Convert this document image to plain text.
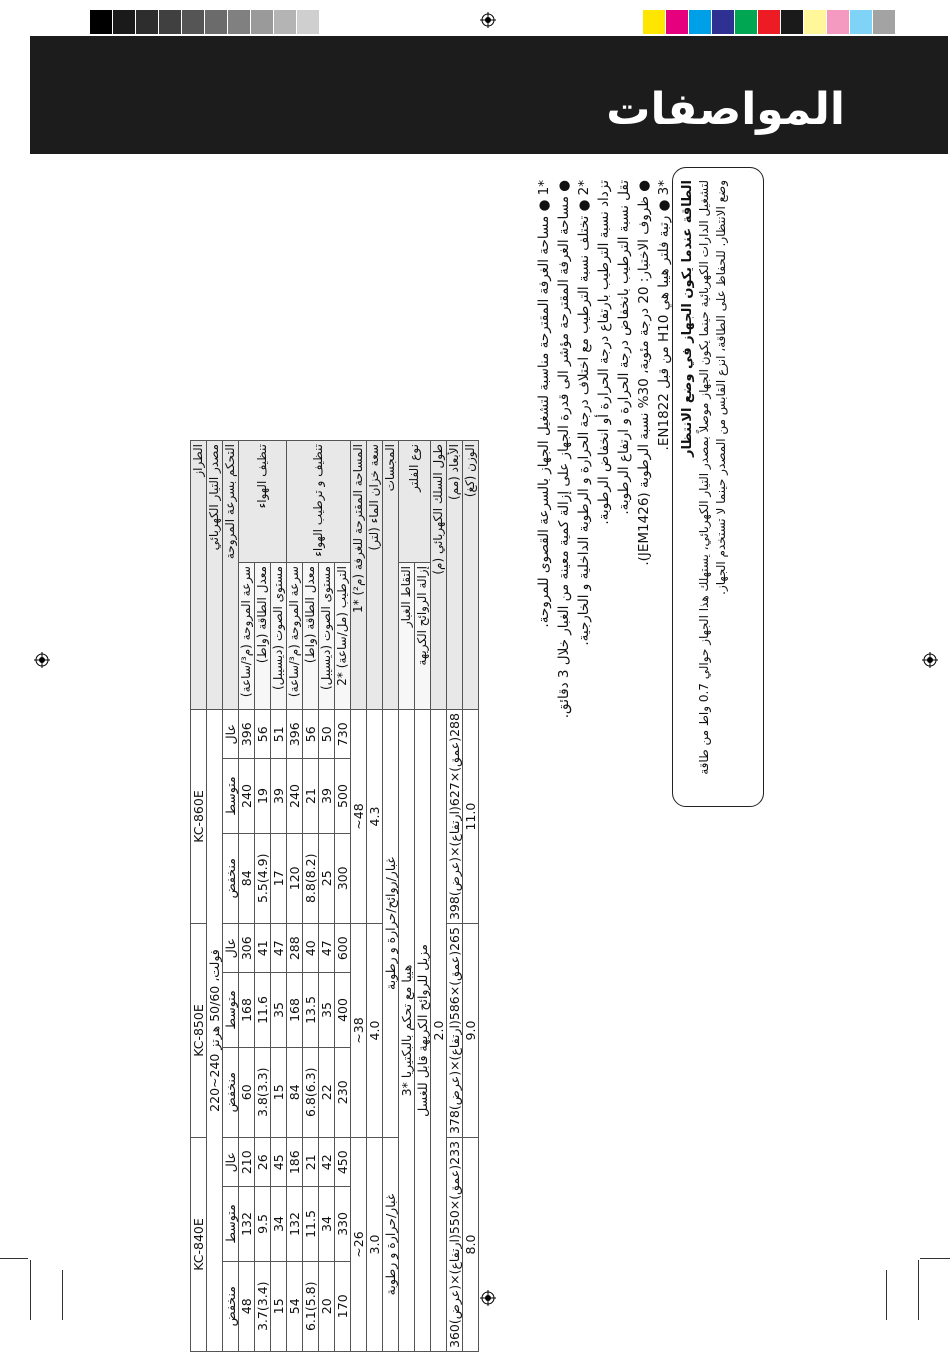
المواصفات
KC-840E			KC-850E			KC-860E			الطراز	
220~240 فولت، 50/60 هرتز									مصدر التيار الكهربائي	
منخفض	متوسط	عال	منخفض	متوسط	عال	منخفض	متوسط	عال	التحكم بسرعة المروحة	
48	132	210	60	168	306	84	240	396	سرعة المروحة (م³/ساعة)	تنظيف الهواء
3.7(3.4)	9.5	26	3.8(3.3)	11.6	41	5.5(4.9)	19	56	معدل الطاقة (واط)	
15	34	45	15	35	47	17	39	51	مستوى الصوت (ديسيبل)	
54	132	186	84	168	288	120	240	396	سرعة المروحة (م³/ساعة)	تنظيف و ترطيب الهواء
6.1(5.8)	11.5	21	6.8(6.3)	13.5	40	8.8(8.2)	21	56	معدل الطاقة (واط)	
20	34	42	22	35	47	25	39	50	مستوى الصوت (ديسيبل)	
170	330	450	230	400	600	300	500	730	الترطيب (مل/ساعة) *2	
~26			~38			~48			المساحة المقترحة للغرفة (م²) *1	
3.0			4.0			4.3			سعة خزان الماء (لتر)	
غبار/حرارة و رطوبة			غبار/روائح/حرارة و رطوبة						المجسات	
هيبا مع تحكم بالبكتيريا *3									التقاط الغبار	نوع الفلتر
مزيل للروائح الكريهة قابل للغسل									إزالة الروائح الكريهة	
2.0									طول السلك الكهربائي (م)	
360(عرض)×233(عمق)×550(ارتفاع)			378(عرض)×265(عمق)×586(ارتفاع)			398(عرض)×288(عمق)×627(ارتفاع)			الأبعاد (مم)	
8.0			9.0			11.0			الوزن (كغ)		*1 ● مساحة الغرفة المقترحة مناسبة لتشغيل الجهاز بالسرعة القصوى للمروحة.
● مساحة الغرفة المقترحة مؤشر الى قدرة الجهاز على إزالة كمية معينة من الغبار خلال 3 دقائق. *2 ● تختلف نسبة الترطيب مع اختلاف درجة الحرارة و الرطوبة الداخلية و الخارجية. تزداد نسبة الترطيب بارتفاع درجة الحرارة أو انخفاض الرطوبة. تقل نسبة الترطيب بانخفاض درجة الحرارة و ارتفاع الرطوبة.
● ظروف الاختبار: 20 درجة مئوية، 30% نسبة الرطوبة (JEM1426).
*3 ● رتبة فلتر هيبا هي H10 من قبل EN1822. الطاقة عندما يكون الجهاز في وضع الانتظار
لتشغيل الدارات الكهربائية حينما يكون الجهاز موصلاً بمصدر التيار الكهربائي، يستهلك هذا الجهاز حوالي 0.7 واط من طاقة وضع الانتظار. للحفاظ على الطاقة، انزع القابس من المصدر حينما لا تستخدم الجهاز.
